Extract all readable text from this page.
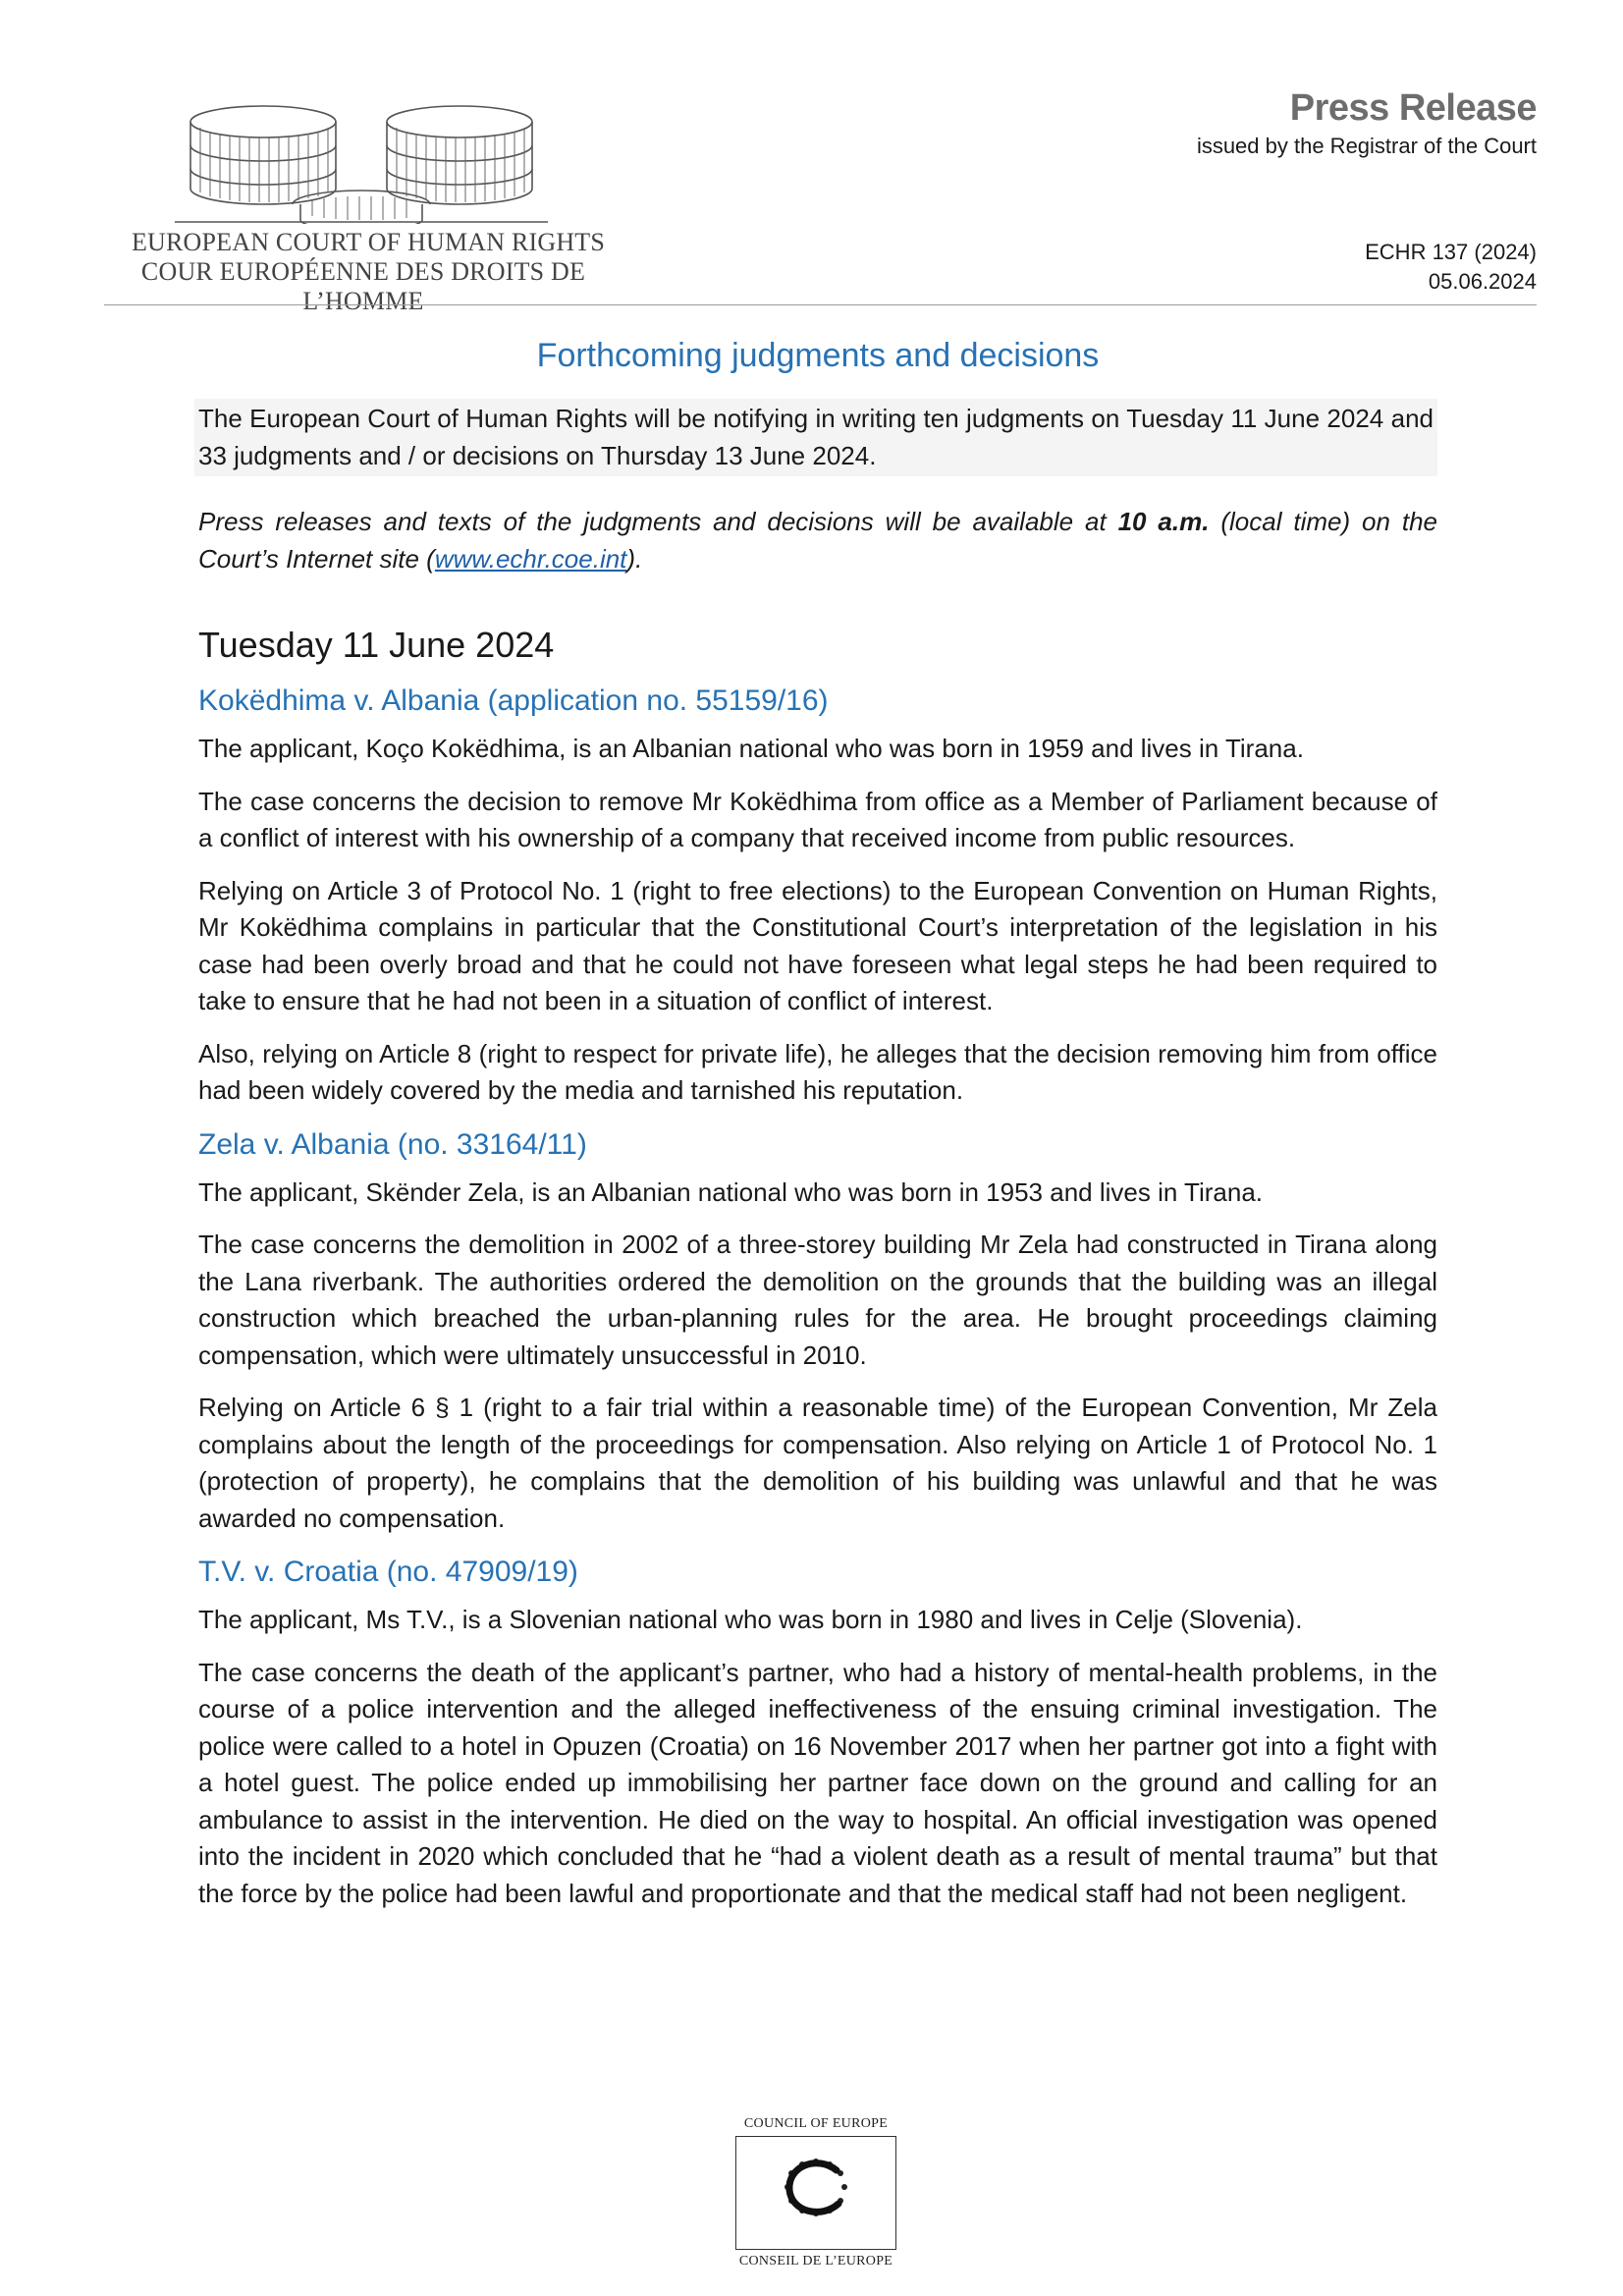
EUROPEAN COURT OF HUMAN RIGHTS
COUR EUROPÉENNE DES DROITS DE L’HOMME
Press Release
issued by the Registrar of the Court
ECHR 137 (2024)
05.06.2024
Forthcoming judgments and decisions

The European Court of Human Rights will be notifying in writing ten judgments on Tuesday 11 June 2024 and 33 judgments and / or decisions on Thursday 13 June 2024.

Press releases and texts of the judgments and decisions will be available at 10 a.m. (local time) on the Court’s Internet site (www.echr.coe.int).

Tuesday 11 June 2024
Kokëdhima v. Albania (application no. 55159/16)

The applicant, Koço Kokëdhima, is an Albanian national who was born in 1959 and lives in Tirana.

The case concerns the decision to remove Mr Kokëdhima from office as a Member of Parliament because of a conflict of interest with his ownership of a company that received income from public resources.

Relying on Article 3 of Protocol No. 1 (right to free elections) to the European Convention on Human Rights, Mr Kokëdhima complains in particular that the Constitutional Court’s interpretation of the legislation in his case had been overly broad and that he could not have foreseen what legal steps he had been required to take to ensure that he had not been in a situation of conflict of interest.

Also, relying on Article 8 (right to respect for private life), he alleges that the decision removing him from office had been widely covered by the media and tarnished his reputation.

Zela v. Albania (no. 33164/11)

The applicant, Skënder Zela, is an Albanian national who was born in 1953 and lives in Tirana.

The case concerns the demolition in 2002 of a three-storey building Mr Zela had constructed in Tirana along the Lana riverbank. The authorities ordered the demolition on the grounds that the building was an illegal construction which breached the urban-planning rules for the area. He brought proceedings claiming compensation, which were ultimately unsuccessful in 2010.

Relying on Article 6 § 1 (right to a fair trial within a reasonable time) of the European Convention, Mr Zela complains about the length of the proceedings for compensation. Also relying on Article 1 of Protocol No. 1 (protection of property), he complains that the demolition of his building was unlawful and that he was awarded no compensation.

T.V. v. Croatia (no. 47909/19)

The applicant, Ms T.V., is a Slovenian national who was born in 1980 and lives in Celje (Slovenia).

The case concerns the death of the applicant’s partner, who had a history of mental-health problems, in the course of a police intervention and the alleged ineffectiveness of the ensuing criminal investigation. The police were called to a hotel in Opuzen (Croatia) on 16 November 2017 when her partner got into a fight with a hotel guest. The police ended up immobilising her partner face down on the ground and calling for an ambulance to assist in the intervention. He died on the way to hospital. An official investigation was opened into the incident in 2020 which concluded that he “had a violent death as a result of mental trauma” but that the force by the police had been lawful and proportionate and that the medical staff had not been negligent.

COUNCIL OF EUROPE
CONSEIL DE L’EUROPE
